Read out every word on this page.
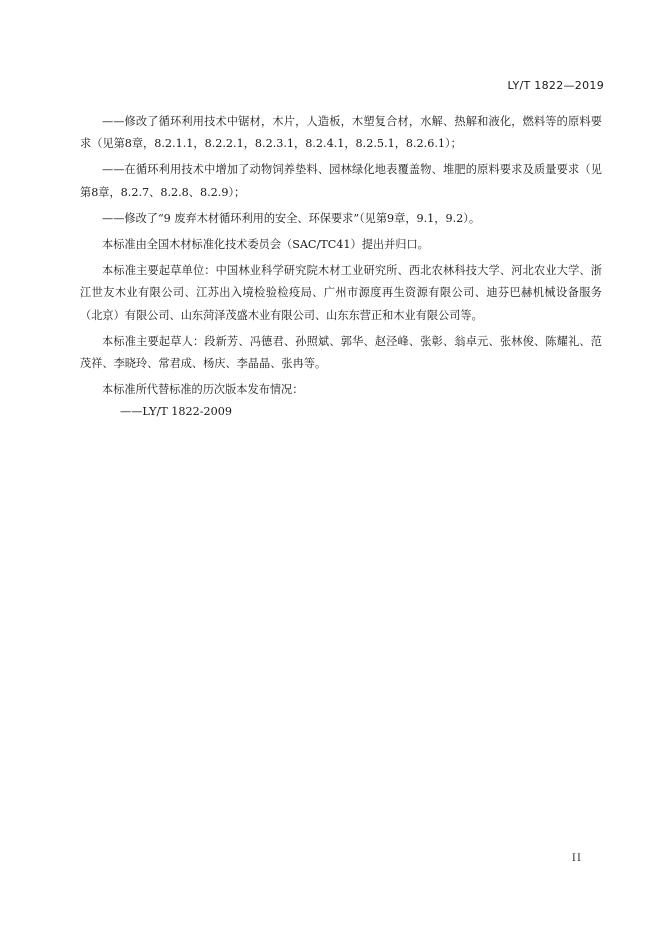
LY/T 1822—2019

——修改了循环利用技术中锯材，木片，人造板，木塑复合材，水解、热解和液化，燃料等的原料要求（见第8章，8.2.1.1，8.2.2.1，8.2.3.1，8.2.4.1，8.2.5.1，8.2.6.1）；

——在循环利用技术中增加了动物饲养垫料、园林绿化地表覆盖物、堆肥的原料要求及质量要求（见第8章，8.2.7、8.2.8、8.2.9）；

——修改了“9 废弃木材循环利用的安全、环保要求”（见第9章，9.1，9.2）。

本标准由全国木材标准化技术委员会（SAC/TC41）提出并归口。

本标准主要起草单位：中国林业科学研究院木材工业研究所、西北农林科技大学、河北农业大学、浙江世友木业有限公司、江苏出入境检验检疫局、广州市源度再生资源有限公司、迪芬巴赫机械设备服务（北京）有限公司、山东菏泽茂盛木业有限公司、山东东营正和木业有限公司等。

本标准主要起草人：段新芳、冯德君、孙照斌、郭华、赵泾峰、张彰、翁卓元、张林俊、陈耀礼、范茂祥、李晓玲、常君成、杨庆、李晶晶、张冉等。

本标准所代替标准的历次版本发布情况：

——LY/T 1822-2009

II
